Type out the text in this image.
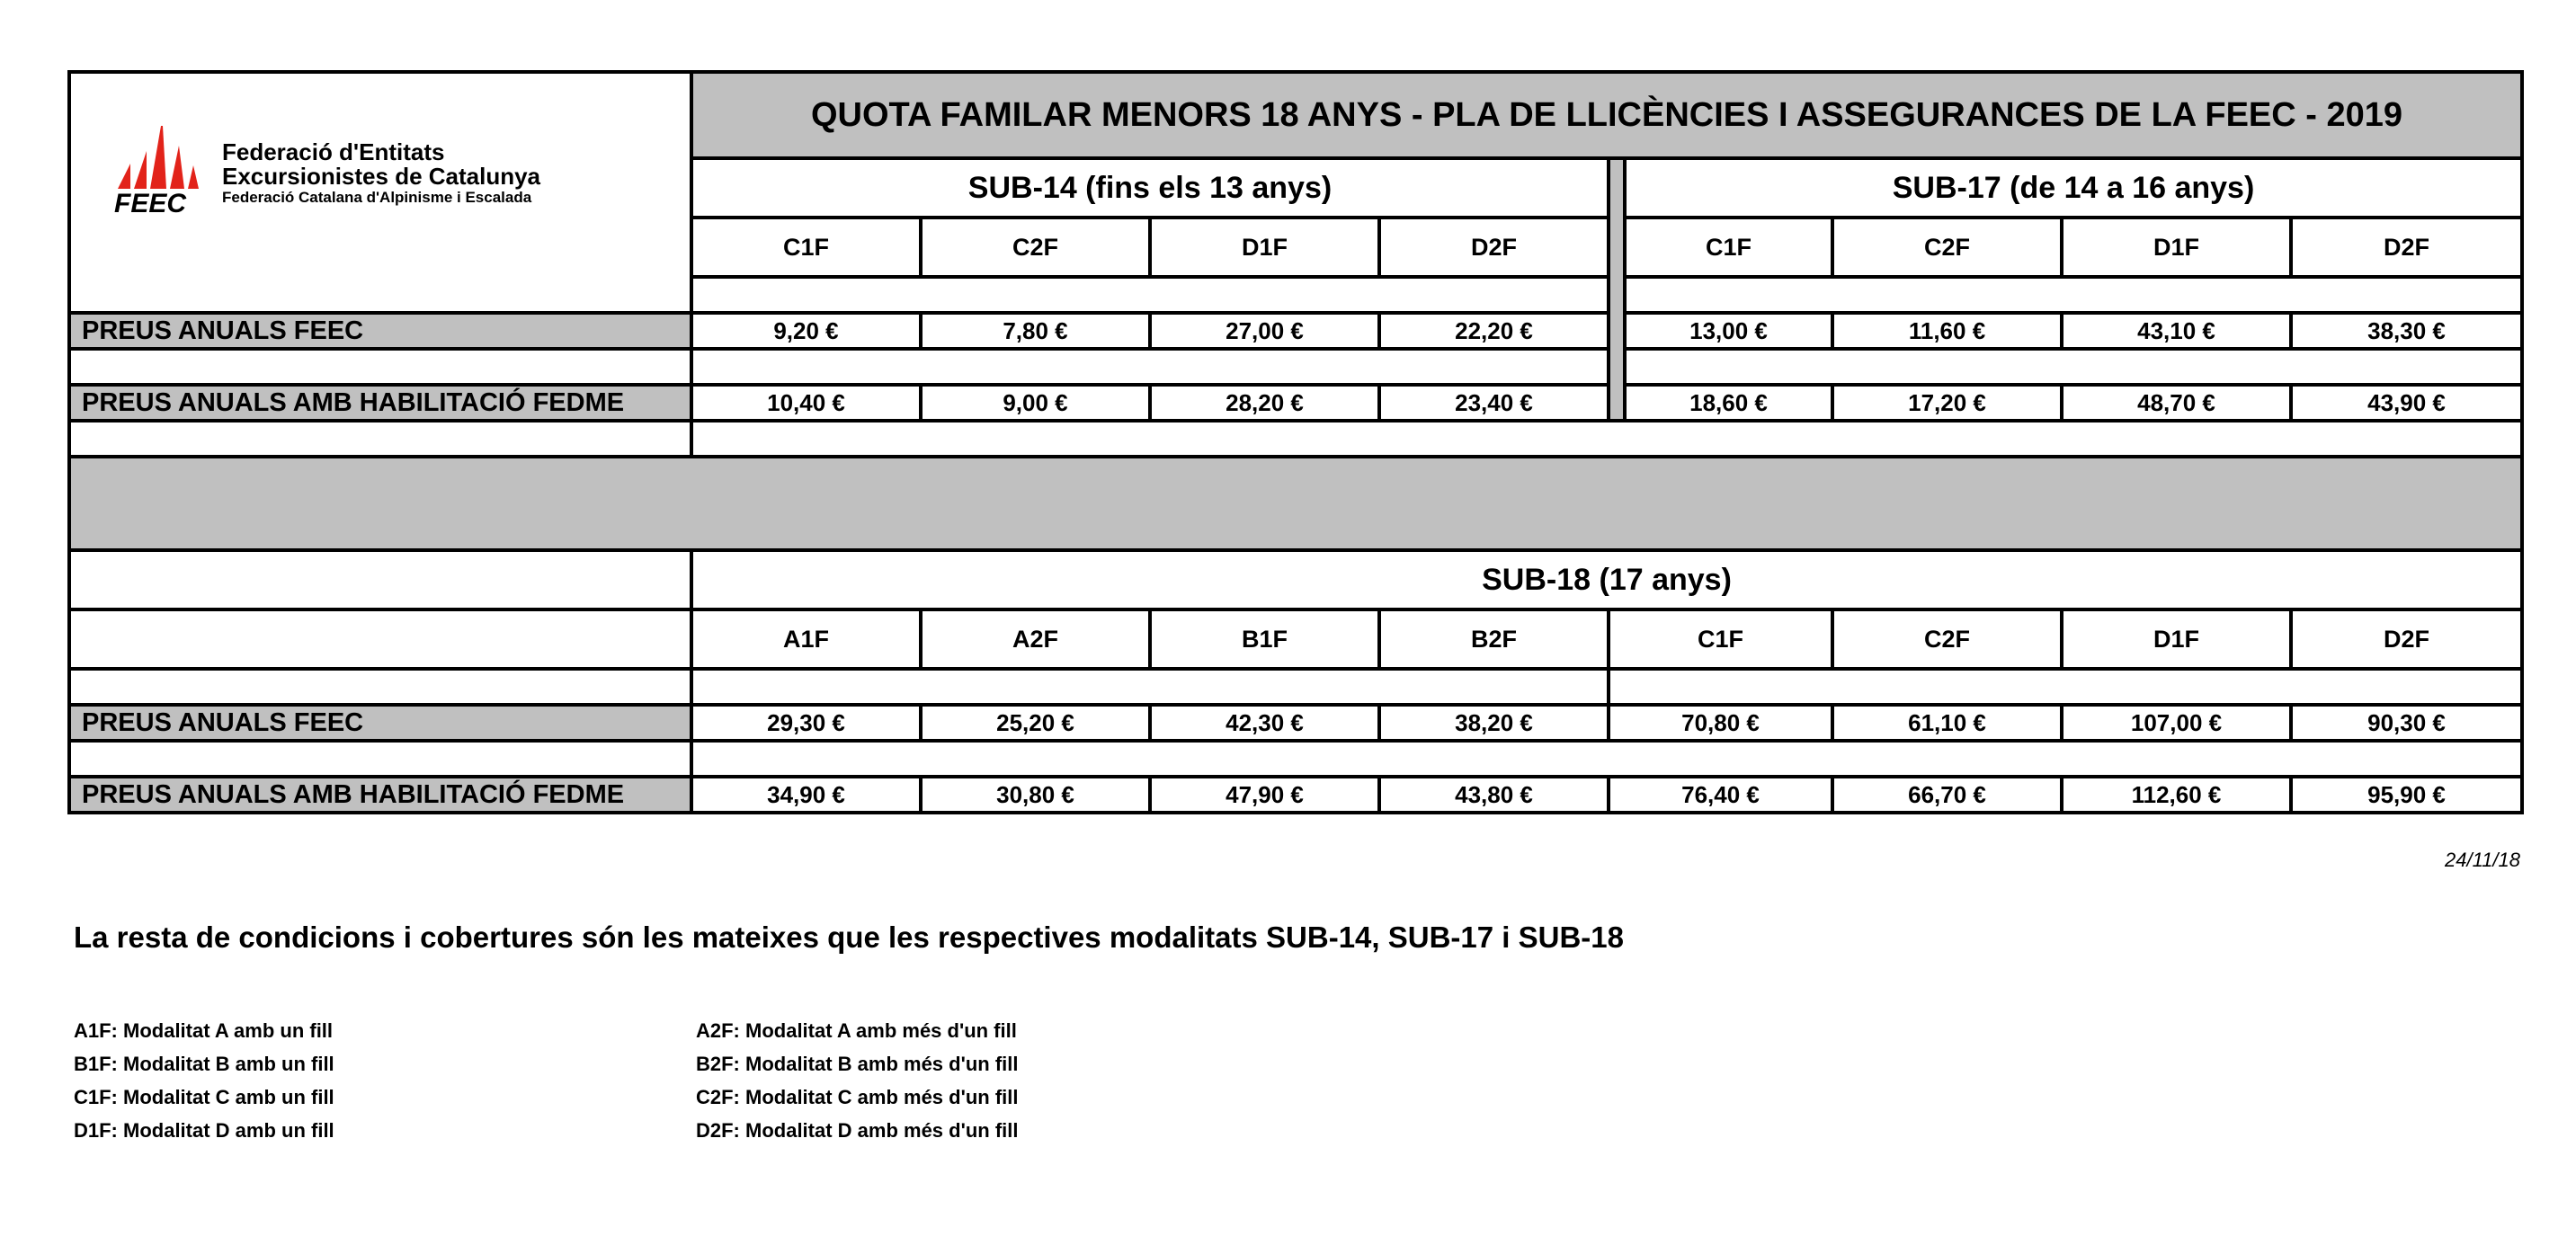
FEEC
Federació d'Entitats
Excursionistes de Catalunya
Federació Catalana d'Alpinisme i Escalada	QUOTA FAMILAR MENORS 18 ANYS - PLA DE LLICÈNCIES I ASSEGURANCES DE LA FEEC - 2019								
	SUB-14 (fins els 13 anys)					SUB-17 (de 14 a 16 anys)			
	C1F	C2F	D1F	D2F		C1F	C2F	D1F	D2F

PREUS ANUALS FEEC	9,20 €	7,80 €	27,00 €	22,20 €		13,00 €	11,60 €	43,10 €	38,30 €

PREUS ANUALS AMB HABILITACIÓ FEDME	10,40 €	9,00 €	28,20 €	23,40 €		18,60 €	17,20 €	48,70 €	43,90 €

	SUB-18 (17 anys)								
	A1F	A2F	B1F	B2F	C1F		C2F	D1F	D2F

PREUS ANUALS FEEC	29,30 €	25,20 €	42,30 €	38,20 €	70,80 €		61,10 €	107,00 €	90,30 €

PREUS ANUALS AMB HABILITACIÓ FEDME	34,90 €	30,80 €	47,90 €	43,80 €	76,40 €		66,70 €	112,60 €	95,90 €
24/11/18
La resta de condicions i cobertures són les mateixes que les respectives modalitats SUB-14, SUB-17 i SUB-18
A1F: Modalitat A amb un fill
B1F: Modalitat B amb un fill
C1F: Modalitat C amb un fill
D1F: Modalitat D amb un fill
A2F: Modalitat A amb més d'un fill
B2F: Modalitat B amb més d'un fill
C2F: Modalitat C amb més d'un fill
D2F: Modalitat D amb més d'un fill
